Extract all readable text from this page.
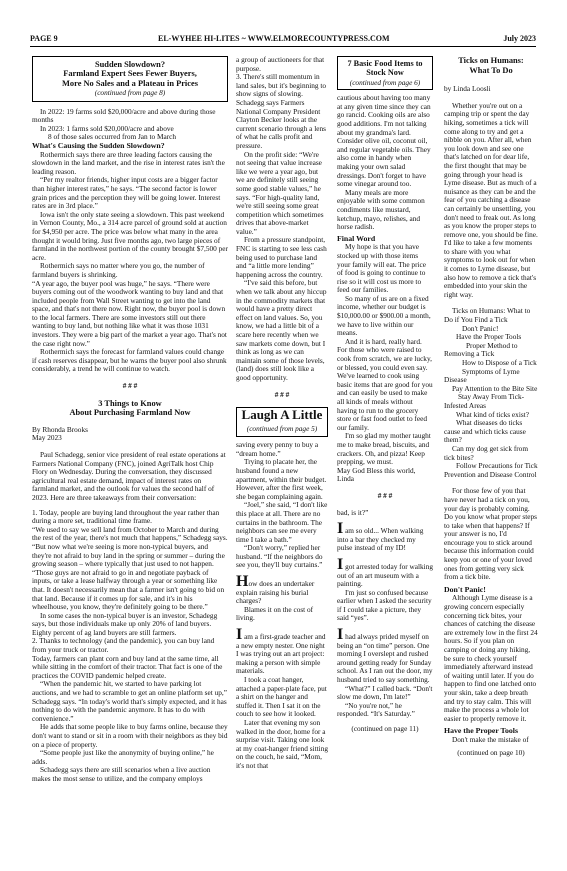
PAGE 9	EL-WYHEE HI-LITES ~ WWW.ELMORECOUNTYPRESS.COM	July 2023
Sudden Slowdown?
Farmland Expert Sees Fewer Buyers,
More No Sales and a Plateau in Prices
(continued from page 8)

In 2022: 19 farms sold $20,000/acre and above during those months

In 2023: 1 farms sold $20,000/acre and above

8 of those sales occurred from Jan to March

What's Causing the Sudden Slowdown?

Rothermich says there are three leading factors causing the slowdown in the land market, and the rise in interest rates isn't the leading reason.

“Per my realtor friends, higher input costs are a bigger factor than higher interest rates,” he says. “The second factor is lower grain prices and the perception they will be going lower. Interest rates are in 3rd place.”

Iowa isn't the only state seeing a slowdown. This past weekend in Vernon County, Mo., a 314 acre parcel of ground sold at auction for $4,950 per acre. The price was below what many in the area thought it would bring. Just five months ago, two large pieces of farmland in the northwest portion of the county brought $7,500 per acre.

Rothermich says no matter where you go, the number of farmland buyers is shrinking.

“A year ago, the buyer pool was huge,” he says. “There were buyers coming out of the woodwork wanting to buy land and that included people from Wall Street wanting to get into the land space, and that's not there now. Right now, the buyer pool is down to the local farmers. There are some investors still out there wanting to buy land, but nothing like what it was those 1031 investors. They were a big part of the market a year ago. That's not the case right now.”

Rothermich says the forecast for farmland values could change if cash reserves disappear, but he warns the buyer pool also shrunk considerably, a trend he will continue to watch.

# # #

3 Things to Know

About Purchasing Farmland Now

By Rhonda Brooks

May 2023

Paul Schadegg, senior vice president of real estate operations at Farmers National Company (FNC), joined AgriTalk host Chip Flory on Wednesday. During the conversation, they discussed agricultural real estate demand, impact of interest rates on farmland market, and the outlook for values the second half of 2023. Here are three takeaways from their conversation:

1. Today, people are buying land throughout the year rather than during a more set, traditional time frame.

“We used to say we sell land from October to March and during the rest of the year, there's not much that happens,” Schadegg says. “But now what we're seeing is more non-typical buyers, and they're not afraid to buy land in the spring or summer – during the growing season – where typically that just used to not happen.

“Those guys are not afraid to go in and negotiate payback of inputs, or take a lease halfway through a year or something like that. It doesn't necessarily mean that a farmer isn't going to bid on that land. Because if it comes up for sale, and it's in his wheelhouse, you know, they're definitely going to be there.”

In some cases the non-typical buyer is an investor, Schadegg says, but those individuals make up only 20% of land buyers. Eighty percent of ag land buyers are still farmers.

2. Thanks to technology (and the pandemic), you can buy land from your truck or tractor.

Today, farmers can plant corn and buy land at the same time, all while sitting in the comfort of their tractor. That fact is one of the practices the COVID pandemic helped create.

“When the pandemic hit, we started to have parking lot auctions, and we had to scramble to get an online platform set up,” Schadegg says. “In today's world that's simply expected, and it has nothing to do with the pandemic anymore. It has to do with convenience.”

He adds that some people like to buy farms online, because they don't want to stand or sit in a room with their neighbors as they bid on a piece of property.

“Some people just like the anonymity of buying online,” he adds.

Schadegg says there are still scenarios when a live auction makes the most sense to utilize, and the company employs

a group of auctioneers for that purpose.

3. There's still momentum in land sales, but it's beginning to show signs of slowing.

Schadegg says Farmers National Company President Clayton Becker looks at the current scenario through a lens of what he calls profit and pressure.

On the profit side: “We're not seeing that value increase like we were a year ago, but we are definitely still seeing some good stable values,” he says. “For high-quality land, we're still seeing some great competition which sometimes drives that above-market value.”

From a pressure standpoint, FNC is starting to see less cash being used to purchase land and “a little more lending” happening across the country.

“I've said this before, but when we talk about any hiccup in the commodity markets that would have a pretty direct effect on land values. So, you know, we had a little bit of a scare here recently when we saw markets come down, but I think as long as we can maintain some of those levels, (land) does still look like a good opportunity.

# # #

Laugh A Little
(continued from page 5)

saving every penny to buy a “dream home.”

Trying to placate her, the husband found a new apartment, within their budget. However, after the first week, she began complaining again.

“Joel,” she said, “I don't like this place at all. There are no curtains in the bathroom. The neighbors can see me every time I take a bath.”

“Don't worry,” replied her husband. “If the neighbors do see you, they'll buy curtains.”

How does an undertaker explain raising his burial charges?

Blames it on the cost of living.

I am a first-grade teacher and a new empty nester. One night I was trying out an art project: making a person with simple materials.

I took a coat hanger, attached a paper-plate face, put a shirt on the hanger and stuffed it. Then I sat it on the couch to see how it looked.

Later that evening my son walked in the door, home for a surprise visit. Taking one look at my coat-hanger friend sitting on the couch, he said, “Mom, it's not that

7 Basic Food Items to Stock Now
(continued from page 6)

cautious about having too many at any given time since they can go rancid. Cooking oils are also good additions. I'm not talking about my grandma's lard. Consider olive oil, coconut oil, and regular vegetable oils. They also come in handy when making your own salad dressings. Don't forget to have some vinegar around too.

Many meals are more enjoyable with some common condiments like mustard, ketchup, mayo, relishes, and horse radish.

Final Word

My hope is that you have stocked up with those items your family will eat. The price of food is going to continue to rise so it will cost us more to feed our families.

So many of us are on a fixed income, whether our budget is $10,000.00 or $900.00 a month, we have to live within our means.

And it is hard, really hard. For those who were raised to cook from scratch, we are lucky, or blessed, you could even say. We've learned to cook using basic items that are good for you and can easily be used to make all kinds of meals without having to run to the grocery store or fast food outlet to feed our family.

I'm so glad my mother taught me to make bread, biscuits, and crackers. Oh, and pizza! Keep prepping, we must.

May God Bless this world, Linda

# # #

bad, is it?”

I am so old... When walking into a bar they checked my pulse instead of my ID!

I got arrested today for walking out of an art museum with a painting.

I'm just so confused because earlier when I asked the security if I could take a picture, they said “yes”.

I had always prided myself on being an “on time” person. One morning I overslept and rushed around getting ready for Sunday school. As I ran out the door, my husband tried to say something.

“What?” I called back. “Don't slow me down, I'm late!”

“No you're not,” he responded. “It's Saturday.”

(continued on page 11)

Ticks on Humans:

What To Do

by Linda Loosli

Whether you're out on a camping trip or spent the day hiking, sometimes a tick will come along to try and get a nibble on you. After all, when you look down and see one that's latched on for dear life, the first thought that may be going through your head is Lyme disease. But as much of a nuisance as they can be and the fear of you catching a disease can certainly be unsettling, you don't need to freak out. As long as you know the proper steps to remove one, you should be fine. I'd like to take a few moments to share with you what symptoms to look out for when it comes to Lyme disease, but also how to remove a tick that's embedded into your skin the right way.

Ticks on Humans: What to Do if You Find a Tick

Don't Panic!

Have the Proper Tools

Proper Method to Removing a Tick

How to Dispose of a Tick

Symptoms of Lyme Disease

Pay Attention to the Bite Site

Stay Away From Tick-Infested Areas

What kind of ticks exist?

What diseases do ticks cause and which ticks cause them?

Can my dog get sick from tick bites?

Follow Precautions for Tick Prevention and Disease Control

For those few of you that have never had a tick on you, your day is probably coming. Do you know what proper steps to take when that happens? If your answer is no, I'd encourage you to stick around because this information could keep you or one of your loved ones from getting very sick from a tick bite.

Don't Panic!

Although Lyme disease is a growing concern especially concerning tick bites, your chances of catching the disease are extremely low in the first 24 hours. So if you plan on camping or doing any hiking, be sure to check yourself immediately afterward instead of waiting until later. If you do happen to find one latched onto your skin, take a deep breath and try to stay calm. This will make the process a whole lot easier to properly remove it.

Have the Proper Tools

Don't make the mistake of

(continued on page 10)
